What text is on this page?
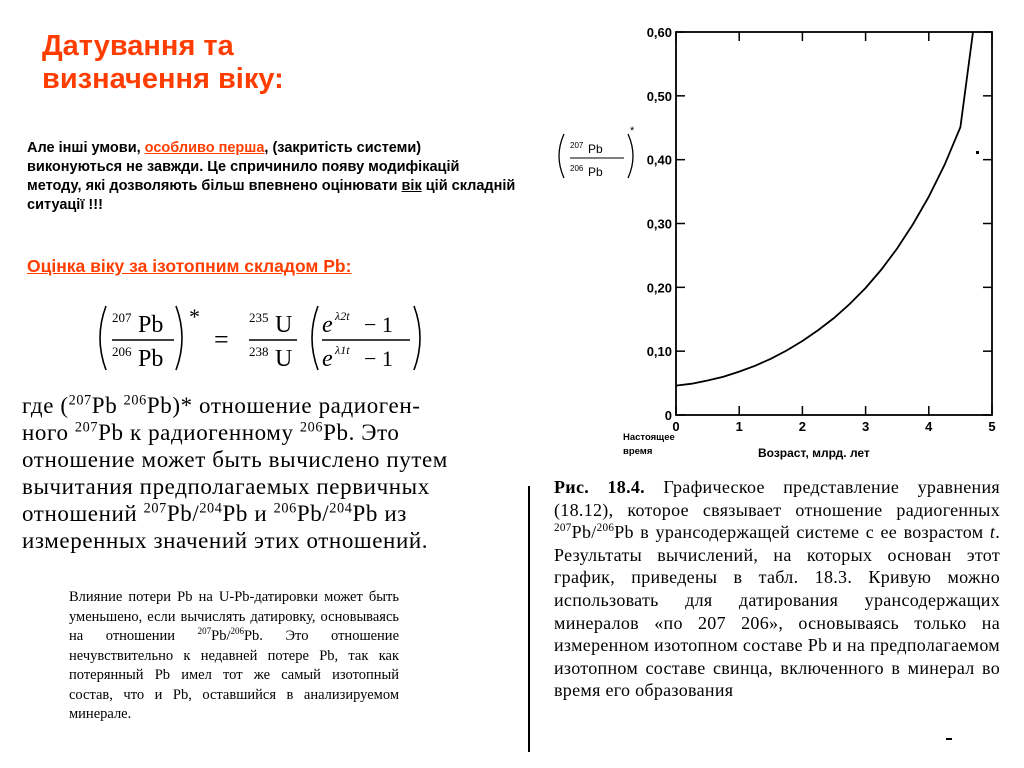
Датування та визначення віку:
Але інші умови, особливо перша, (закритість системи) виконуються не завжди. Це спричинило появу модифікацій методу, які дозволяють більш впевнено оцінювати вік цій складній ситуації !!!
Оцінка віку за ізотопним складом Pb:
207 Pb
206 Pb
*
=
235 U
238 U
e λ2t − 1
e λ1t − 1
где ($^{207}$Pb $^{206}$Pb)* отношение радиоген-
ного $^{207}$Pb к радиогенному $^{206}$Pb. Это
отношение может быть вычислено путем
вычитания предполагаемых первичных
отношений $^{207}$Pb/$^{204}$Pb и $^{206}$Pb/$^{204}$Pb из
измеренных значений этих отношений.
Влияние потери Pb на U-Pb-датировки может быть уменьшено, если вычислять датировку, основываясь на отношении $^{207}$Pb/$^{206}$Pb. Это отношение нечувствительно к недавней потере Pb, так как потерянный Pb имел тот же самый изотопный состав, что и Pb, оставшийся в анализируемом минерале.
207 Pb
206 Pb
*
0
0,10
0,20
0,30
0,40
0,50
0,60
0	1	2	3	4	5
Настоящее
время	Возраст, млрд. лет
Рис. 18.4. Графическое представление уравнения (18.12), которое связывает отношение радиогенных $^{207}$Pb/$^{206}$Pb в урансодержащей системе с ее возрастом t. Результаты вычислений, на которых основан этот график, приведены в табл. 18.3. Кривую можно использовать для датирования урансодержащих минералов «по 207 206», основываясь только на измеренном изотопном составе Pb и на предполагаемом изотопном составе свинца, включенного в минерал во время его образования
